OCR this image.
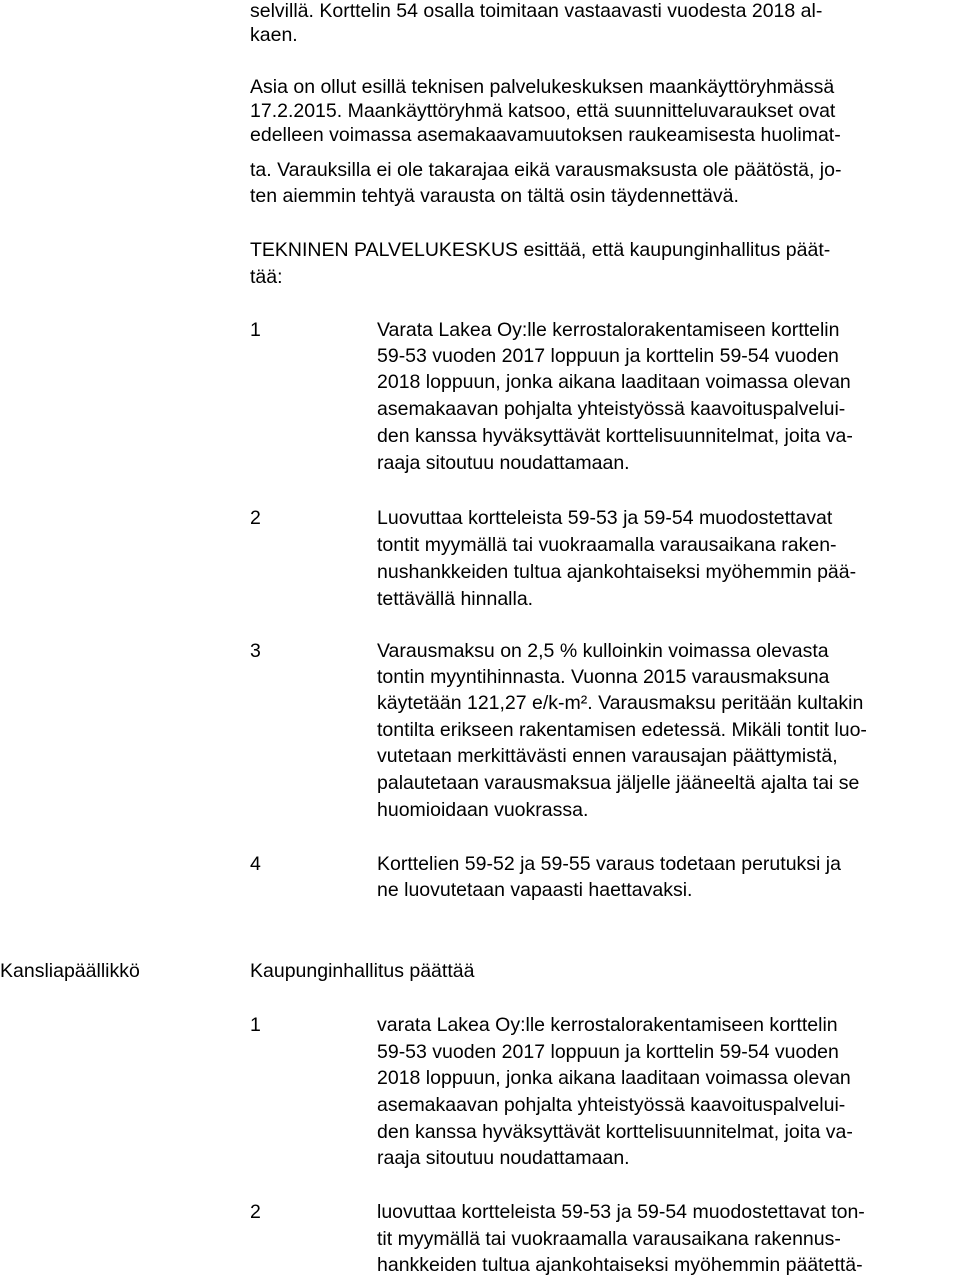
selvillä. Korttelin 54 osalla toimitaan vastaavasti vuodesta 2018 al-
kaen.
Asia on ollut esillä teknisen palvelukeskuksen maankäyttöryhmässä
17.2.2015. Maankäyttöryhmä katsoo, että suunnitteluvaraukset ovat
edelleen voimassa asemakaavamuutoksen raukeamisesta huolimat-
ta. Varauksilla ei ole takarajaa eikä varausmaksusta ole päätöstä, jo-
ten aiemmin tehtyä varausta on tältä osin täydennettävä.
TEKNINEN PALVELUKESKUS esittää, että kaupunginhallitus päät-
tää:
1	Varata Lakea Oy:lle kerrostalorakentamiseen korttelin
59-53 vuoden 2017 loppuun ja korttelin 59-54 vuoden
2018 loppuun, jonka aikana laaditaan voimassa olevan
asemakaavan pohjalta yhteistyössä kaavoituspalvelui-
den kanssa hyväksyttävät korttelisuunnitelmat, joita va-
raaja sitoutuu noudattamaan.
2	Luovuttaa kortteleista 59-53 ja 59-54 muodostettavat
tontit myymällä tai vuokraamalla varausaikana raken-
nushankkeiden tultua ajankohtaiseksi myöhemmin pää-
tettävällä hinnalla.
3	Varausmaksu on 2,5 % kulloinkin voimassa olevasta
tontin myyntihinnasta. Vuonna 2015 varausmaksuna
käytetään 121,27 e/k-m². Varausmaksu peritään kultakin
tontilta erikseen rakentamisen edetessä. Mikäli tontit luo-
vutetaan merkittävästi ennen varausajan päättymistä,
palautetaan varausmaksua jäljelle jääneeltä ajalta tai se
huomioidaan vuokrassa.
4	Korttelien 59-52 ja 59-55 varaus todetaan perutuksi ja
ne luovutetaan vapaasti haettavaksi.
Kansliapäällikkö	Kaupunginhallitus päättää
1	varata Lakea Oy:lle kerrostalorakentamiseen korttelin
59-53 vuoden 2017 loppuun ja korttelin 59-54 vuoden
2018 loppuun, jonka aikana laaditaan voimassa olevan
asemakaavan pohjalta yhteistyössä kaavoituspalvelui-
den kanssa hyväksyttävät korttelisuunnitelmat, joita va-
raaja sitoutuu noudattamaan.
2	luovuttaa kortteleista 59-53 ja 59-54 muodostettavat ton-
tit myymällä tai vuokraamalla varausaikana rakennus-
hankkeiden tultua ajankohtaiseksi myöhemmin päätettä-
